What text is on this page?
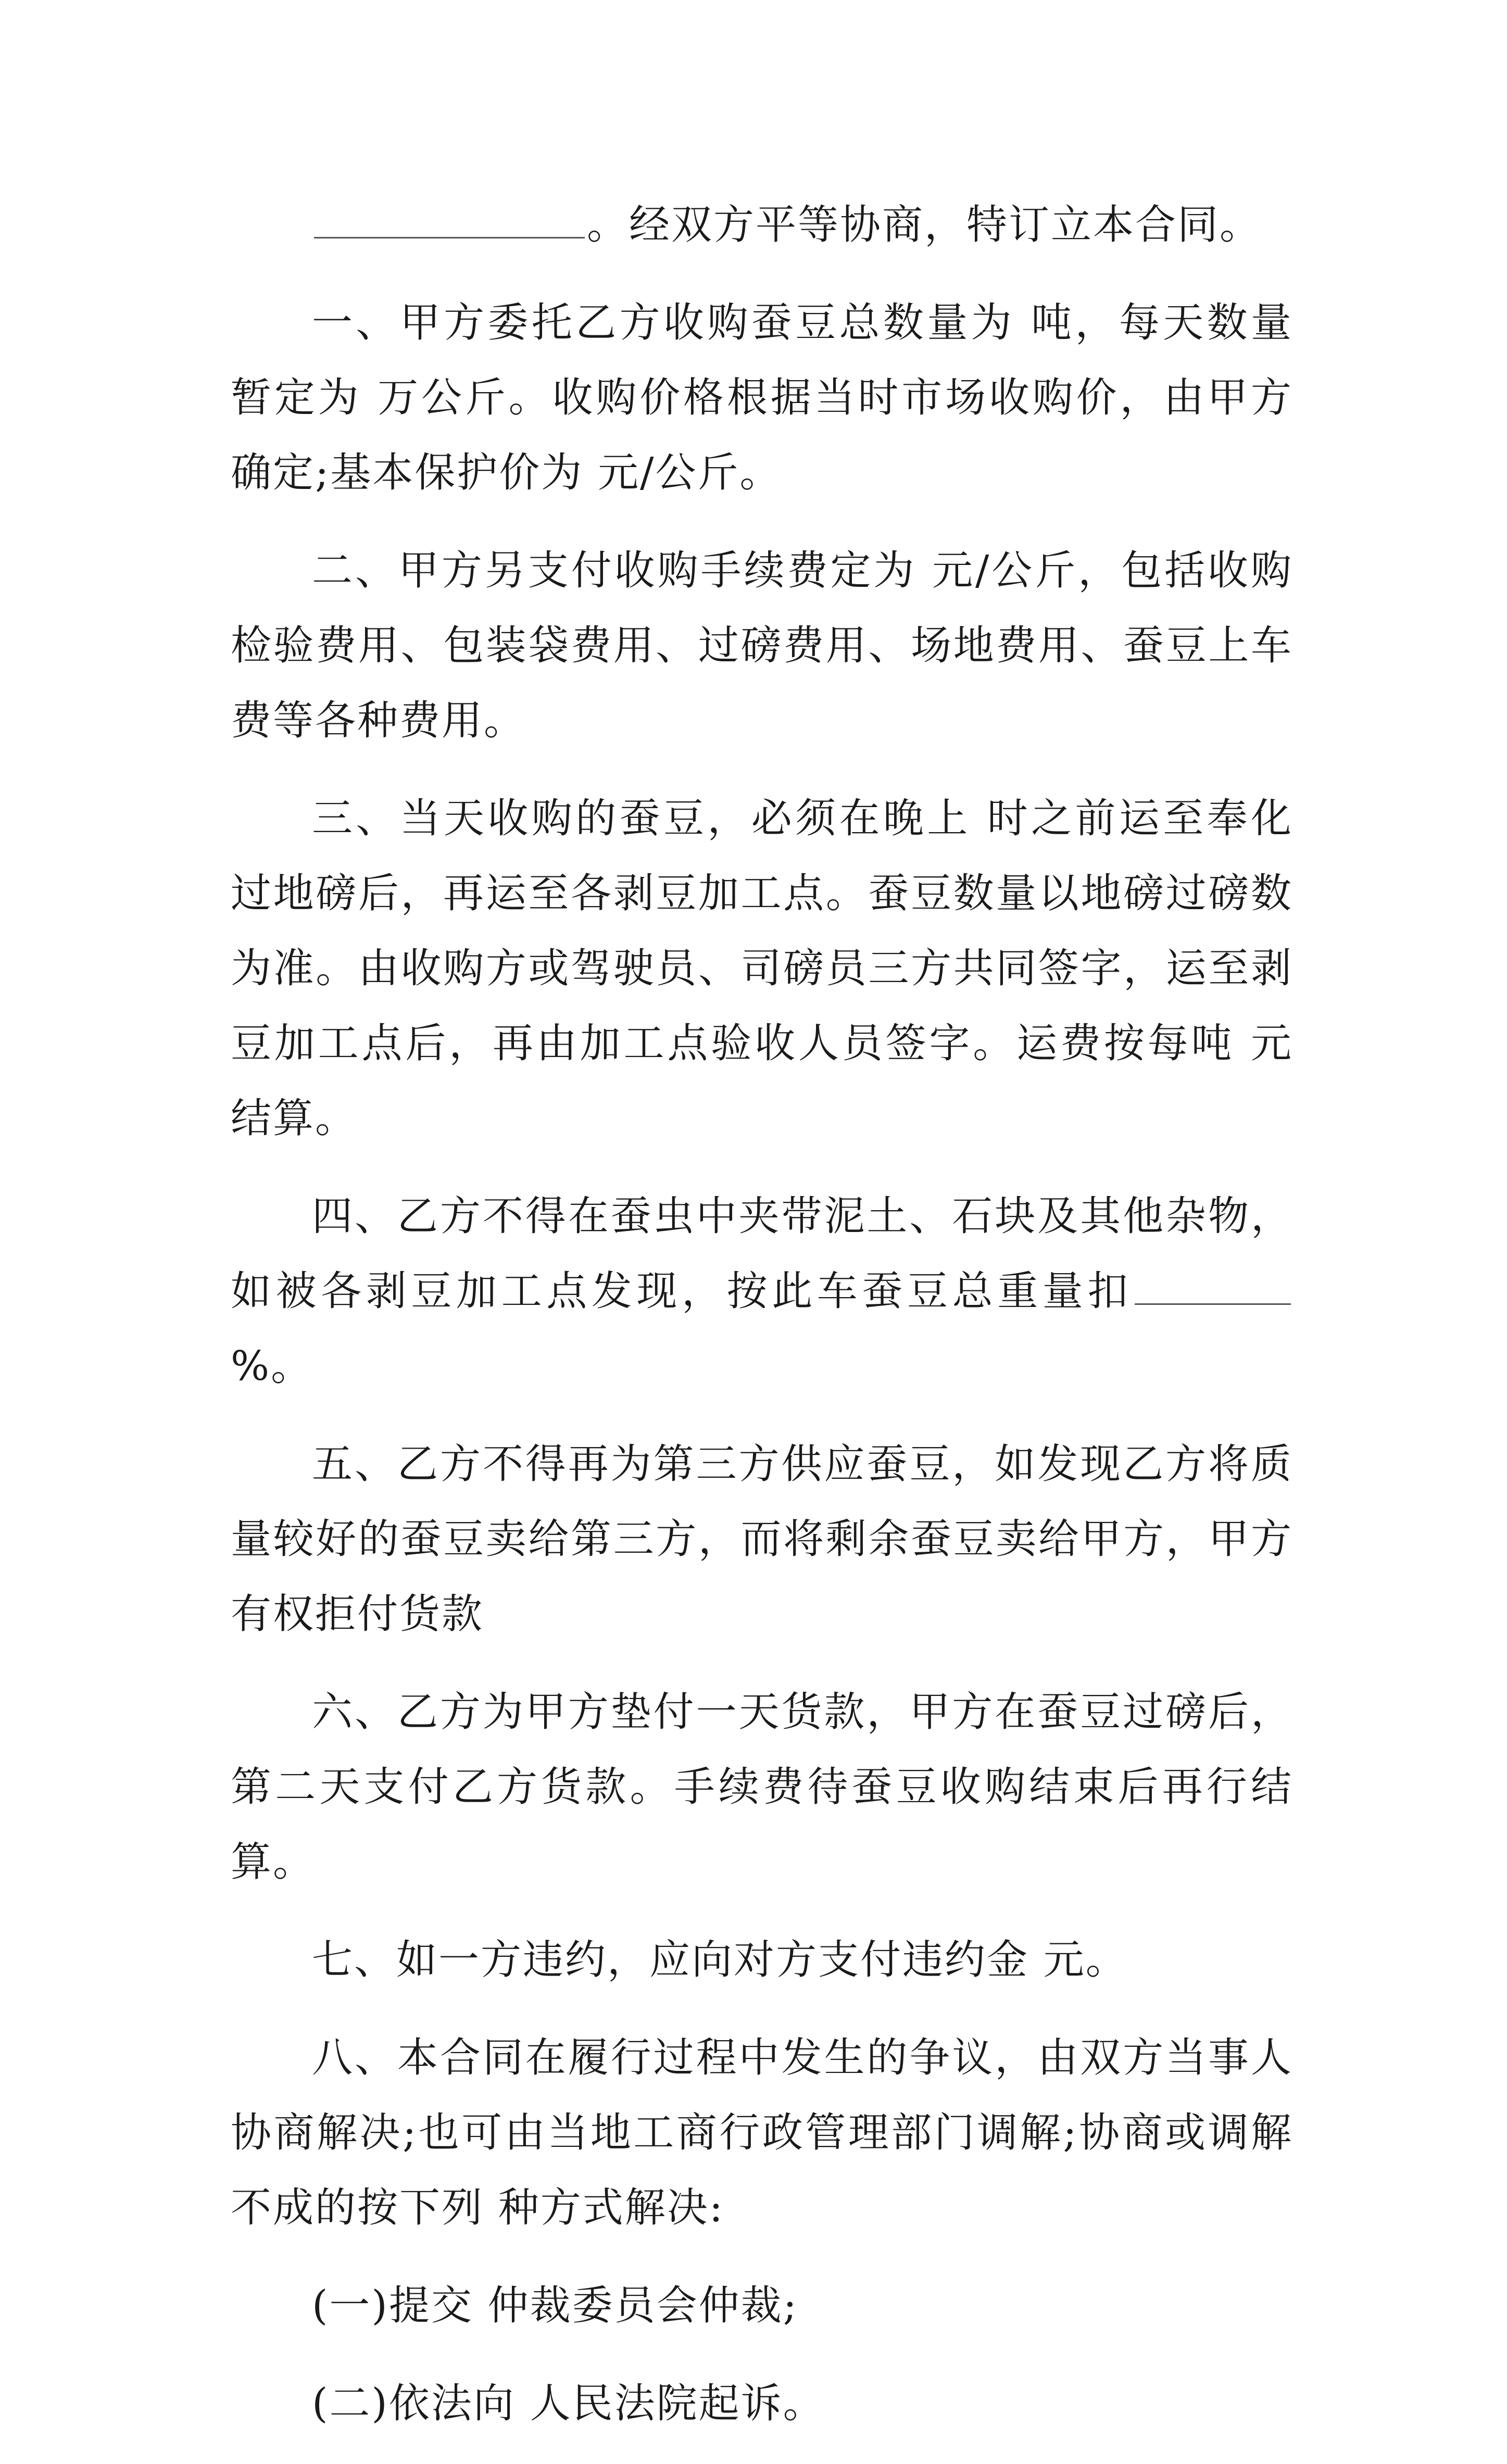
。经双方平等协商，特订立本合同。

一、甲方委托乙方收购蚕豆总数量为 吨，每天数量暂定为 万公斤。收购价格根据当时市场收购价，由甲方确定;基本保护价为 元/公斤。

二、甲方另支付收购手续费定为 元/公斤，包括收购检验费用、包装袋费用、过磅费用、场地费用、蚕豆上车费等各种费用。

三、当天收购的蚕豆，必须在晚上 时之前运至奉化过地磅后，再运至各剥豆加工点。蚕豆数量以地磅过磅数为准。由收购方或驾驶员、司磅员三方共同签字，运至剥豆加工点后，再由加工点验收人员签字。运费按每吨 元结算。

四、乙方不得在蚕虫中夹带泥土、石块及其他杂物，如被各剥豆加工点发现，按此车蚕豆总重量扣%。

五、乙方不得再为第三方供应蚕豆，如发现乙方将质量较好的蚕豆卖给第三方，而将剩余蚕豆卖给甲方，甲方有权拒付货款

六、乙方为甲方垫付一天货款，甲方在蚕豆过磅后，第二天支付乙方货款。手续费待蚕豆收购结束后再行结算。

七、如一方违约，应向对方支付违约金 元。

八、本合同在履行过程中发生的争议，由双方当事人协商解决;也可由当地工商行政管理部门调解;协商或调解不成的按下列 种方式解决:

(一)提交 仲裁委员会仲裁;

(二)依法向 人民法院起诉。
